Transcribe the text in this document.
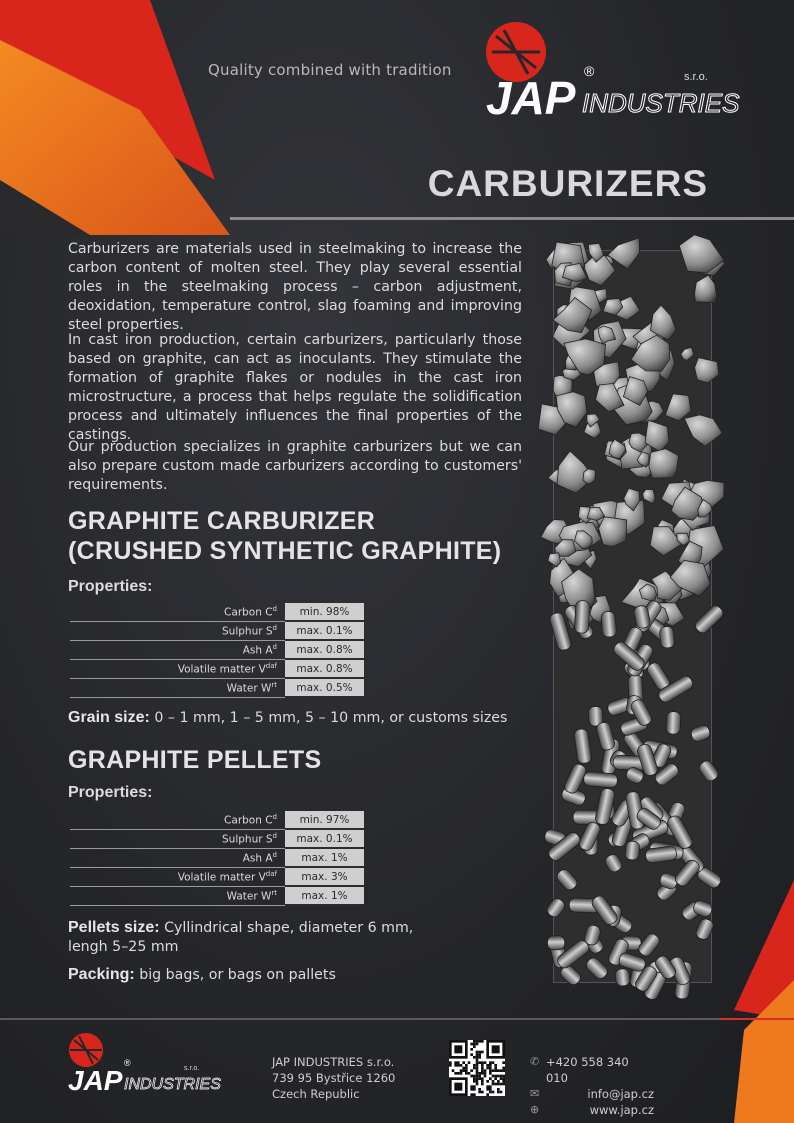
Quality combined with tradition
JAP
®
INDUSTRIES
s.r.o.
CARBURIZERS
Carburizers are materials used in steelmaking to increase the carbon content of molten steel. They play several essential roles in the steelmaking process – carbon adjustment, deoxidation, temperature control, slag foaming and improving steel properties.
In cast iron production, certain carburizers, particularly those based on graphite, can act as inoculants. They stimulate the formation of graphite flakes or nodules in the cast iron microstructure, a process that helps regulate the solidification process and ultimately influences the final properties of the castings.
Our production specializes in graphite carburizers but we can also prepare custom made carburizers according to customers' requirements.
GRAPHITE CARBURIZER
(CRUSHED SYNTHETIC GRAPHITE)
Properties:
Carbon $C^d$	min. 98%
Sulphur $S^d$	max. 0.1%
Ash $A^d$	max. 0.8%
Volatile matter $V^{daf}$	max. 0.8%
Water $W^{rt}$	max. 0.5%
Grain size: 0 – 1 mm, 1 – 5 mm, 5 – 10 mm, or customs sizes
GRAPHITE PELLETS
Properties:
Carbon $C^d$	min. 97%
Sulphur $S^d$	max. 0.1%
Ash $A^d$	max. 1%
Volatile matter $V^{daf}$	max. 3%
Water $W^{rt}$	max. 1%
Pellets size: Cyllindrical shape, diameter 6 mm, lengh 5–25 mm
Packing: big bags, or bags on pallets
JAP
®
INDUSTRIES
s.r.o.	JAP INDUSTRIES s.r.o.
739 95 Bystřice 1260
Czech Republic
✆ +420 558 340 010
✉	info@jap.cz
⊕	www.jap.cz
